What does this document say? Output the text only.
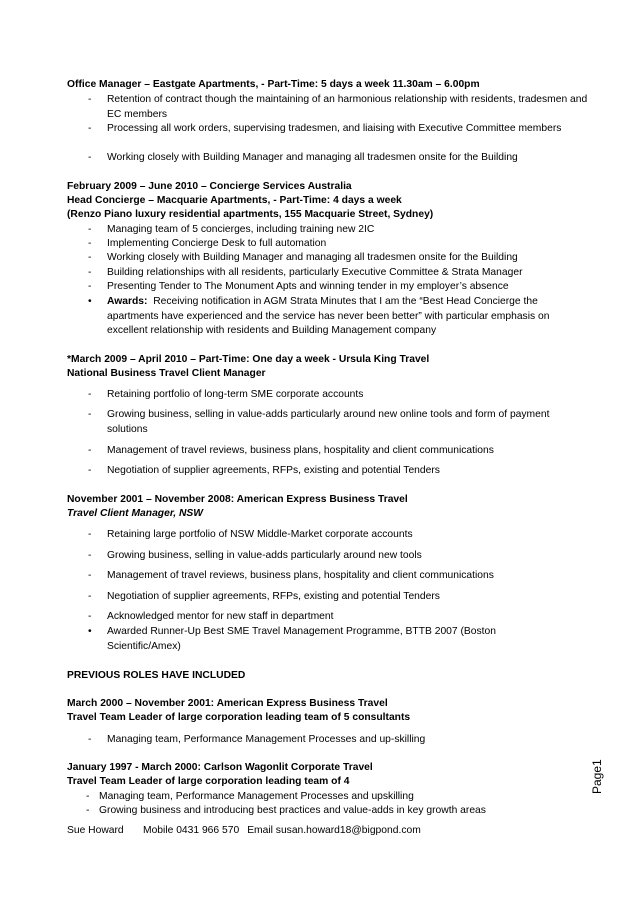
Office Manager – Eastgate Apartments, - Part-Time: 5 days a week 11.30am – 6.00pm
-	Retention of contract though the maintaining of an harmonious relationship with residents, tradesmen and EC members
-	Processing all work orders, supervising tradesmen, and liaising with Executive Committee members
-	Working closely with Building Manager and managing all tradesmen onsite for the Building
February 2009 – June 2010 – Concierge Services Australia
Head Concierge – Macquarie Apartments, - Part-Time: 4 days a week
(Renzo Piano luxury residential apartments, 155 Macquarie Street, Sydney)
-	Managing team of 5 concierges, including training new 2IC
-	Implementing Concierge Desk to full automation
-	Working closely with Building Manager and managing all tradesmen onsite for the Building
-	Building relationships with all residents, particularly Executive Committee & Strata Manager
-	Presenting Tender to The Monument Apts and winning tender in my employer’s absence
•	Awards: Receiving notification in AGM Strata Minutes that I am the “Best Head Concierge the apartments have experienced and the service has never been better” with particular emphasis on excellent relationship with residents and Building Management company
*March 2009 – April 2010 – Part-Time: One day a week - Ursula King Travel
National Business Travel Client Manager
-	Retaining portfolio of long-term SME corporate accounts
-	Growing business, selling in value-adds particularly around new online tools and form of payment solutions
-	Management of travel reviews, business plans, hospitality and client communications
-	Negotiation of supplier agreements, RFPs, existing and potential Tenders
November 2001 – November 2008: American Express Business Travel
Travel Client Manager, NSW
-	Retaining large portfolio of NSW Middle-Market corporate accounts
-	Growing business, selling in value-adds particularly around new tools
-	Management of travel reviews, business plans, hospitality and client communications
-	Negotiation of supplier agreements, RFPs, existing and potential Tenders
-	Acknowledged mentor for new staff in department
•	Awarded Runner-Up Best SME Travel Management Programme, BTTB 2007 (Boston Scientific/Amex)
PREVIOUS ROLES HAVE INCLUDED
March 2000 – November 2001: American Express Business Travel
Travel Team Leader of large corporation leading team of 5 consultants
-	Managing team, Performance Management Processes and up-skilling
January 1997 - March 2000: Carlson Wagonlit Corporate Travel
Travel Team Leader of large corporation leading team of 4
- Managing team, Performance Management Processes and upskilling
- Growing business and introducing best practices and value-adds in key growth areas
Sue Howard Mobile 0431 966 570 Email susan.howard18@bigpond.com
Page1
